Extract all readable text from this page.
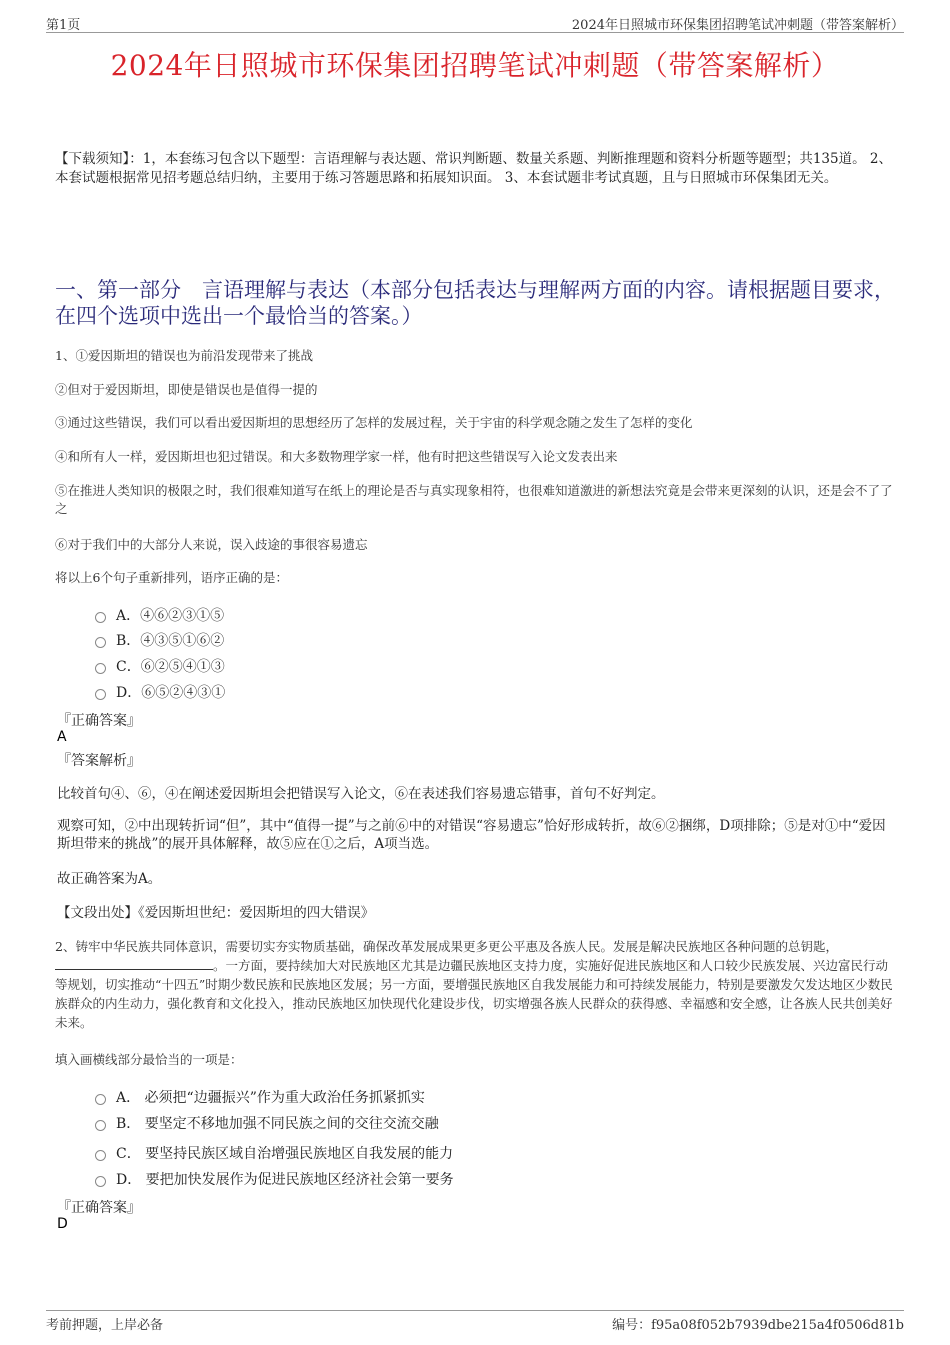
第1页	2024年日照城市环保集团招聘笔试冲刺题（带答案解析）
2024年日照城市环保集团招聘笔试冲刺题（带答案解析）
【下载须知】：1，本套练习包含以下题型：言语理解与表达题、常识判断题、数量关系题、判断推理题和资料分析题等题型；共135道。 2、本套试题根据常见招考题总结归纳，主要用于练习答题思路和拓展知识面。 3、本套试题非考试真题，且与日照城市环保集团无关。
一、第一部分　言语理解与表达（本部分包括表达与理解两方面的内容。请根据题目要求，在四个选项中选出一个最恰当的答案。）
1、①爱因斯坦的错误也为前沿发现带来了挑战
②但对于爱因斯坦，即使是错误也是值得一提的
③通过这些错误，我们可以看出爱因斯坦的思想经历了怎样的发展过程，关于宇宙的科学观念随之发生了怎样的变化
④和所有人一样，爱因斯坦也犯过错误。和大多数物理学家一样，他有时把这些错误写入论文发表出来
⑤在推进人类知识的极限之时，我们很难知道写在纸上的理论是否与真实现象相符，也很难知道激进的新想法究竟是会带来更深刻的认识，还是会不了了之
⑥对于我们中的大部分人来说，误入歧途的事很容易遗忘
将以上6个句子重新排列，语序正确的是：
A．④⑥②③①⑤
B．④③⑤①⑥②
C．⑥②⑤④①③
D．⑥⑤②④③①
『正确答案』
A
『答案解析』
比较首句④、⑥，④在阐述爱因斯坦会把错误写入论文，⑥在表述我们容易遗忘错事，首句不好判定。
观察可知，②中出现转折词“但”，其中“值得一提”与之前⑥中的对错误“容易遗忘”恰好形成转折，故⑥②捆绑，D项排除；⑤是对①中“爱因斯坦带来的挑战”的展开具体解释，故⑤应在①之后，A项当选。
故正确答案为A。
【文段出处】《爱因斯坦世纪：爱因斯坦的四大错误》
2、铸牢中华民族共同体意识，需要切实夯实物质基础，确保改革发展成果更多更公平惠及各族人民。发展是解决民族地区各种问题的总钥匙，。一方面，要持续加大对民族地区尤其是边疆民族地区支持力度，实施好促进民族地区和人口较少民族发展、兴边富民行动等规划，切实推动“十四五”时期少数民族和民族地区发展；另一方面，要增强民族地区自我发展能力和可持续发展能力，特别是要激发欠发达地区少数民族群众的内生动力，强化教育和文化投入，推动民族地区加快现代化建设步伐，切实增强各族人民群众的获得感、幸福感和安全感，让各族人民共创美好未来。
填入画横线部分最恰当的一项是：
A． 必须把“边疆振兴”作为重大政治任务抓紧抓实
B． 要坚定不移地加强不同民族之间的交往交流交融
C． 要坚持民族区域自治增强民族地区自我发展的能力
D． 要把加快发展作为促进民族地区经济社会第一要务
『正确答案』
D
考前押题，上岸必备	编号：f95a08f052b7939dbe215a4f0506d81b
